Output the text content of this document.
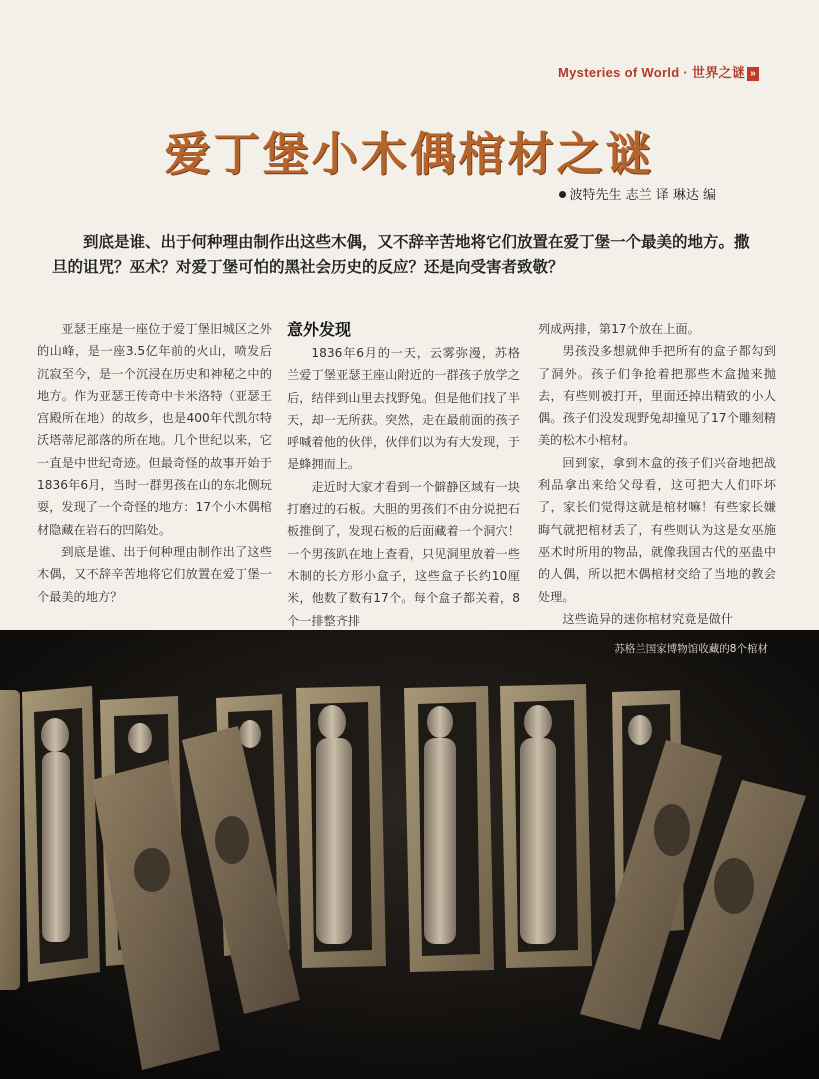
Mysteries of World · 世界之谜 »
爱丁堡小木偶棺材之谜
波特先生 志兰 译 琳达 编
到底是谁、出于何种理由制作出这些木偶，又不辞辛苦地将它们放置在爱丁堡一个最美的地方。撒旦的诅咒？巫术？对爱丁堡可怕的黑社会历史的反应？还是向受害者致敬？

亚瑟王座是一座位于爱丁堡旧城区之外的山峰，是一座3.5亿年前的火山，喷发后沉寂至今，是一个沉浸在历史和神秘之中的地方。作为亚瑟王传奇中卡米洛特（亚瑟王宫殿所在地）的故乡，也是400年代凯尔特沃塔蒂尼部落的所在地。几个世纪以来，它一直是中世纪奇迹。但最奇怪的故事开始于1836年6月，当时一群男孩在山的东北侧玩耍，发现了一个奇怪的地方：17个小木偶棺材隐藏在岩石的凹陷处。

到底是谁、出于何种理由制作出了这些木偶，又不辞辛苦地将它们放置在爱丁堡一个最美的地方？

意外发现

1836年6月的一天，云雾弥漫，苏格兰爱丁堡亚瑟王座山附近的一群孩子放学之后，结伴到山里去找野兔。但是他们找了半天，却一无所获。突然，走在最前面的孩子呼喊着他的伙伴，伙伴们以为有大发现，于是蜂拥而上。

走近时大家才看到一个僻静区域有一块打磨过的石板。大胆的男孩们不由分说把石板推倒了，发现石板的后面藏着一个洞穴！一个男孩趴在地上查看，只见洞里放着一些木制的长方形小盒子，这些盒子长约10厘米，他数了数有17个。每个盒子都关着，8个一排整齐排

列成两排，第17个放在上面。

男孩没多想就伸手把所有的盒子都勾到了洞外。孩子们争抢着把那些木盒抛来抛去，有些则被打开，里面还掉出精致的小人偶。孩子们没发现野兔却撞见了17个雕刻精美的松木小棺材。

回到家，拿到木盒的孩子们兴奋地把战利品拿出来给父母看，这可把大人们吓坏了，家长们觉得这就是棺材嘛！有些家长嫌晦气就把棺材丢了，有些则认为这是女巫施巫术时所用的物品，就像我国古代的巫蛊中的人偶，所以把木偶棺材交给了当地的教会处理。

这些诡异的迷你棺材究竟是做什

苏格兰国家博物馆收藏的8个棺材
